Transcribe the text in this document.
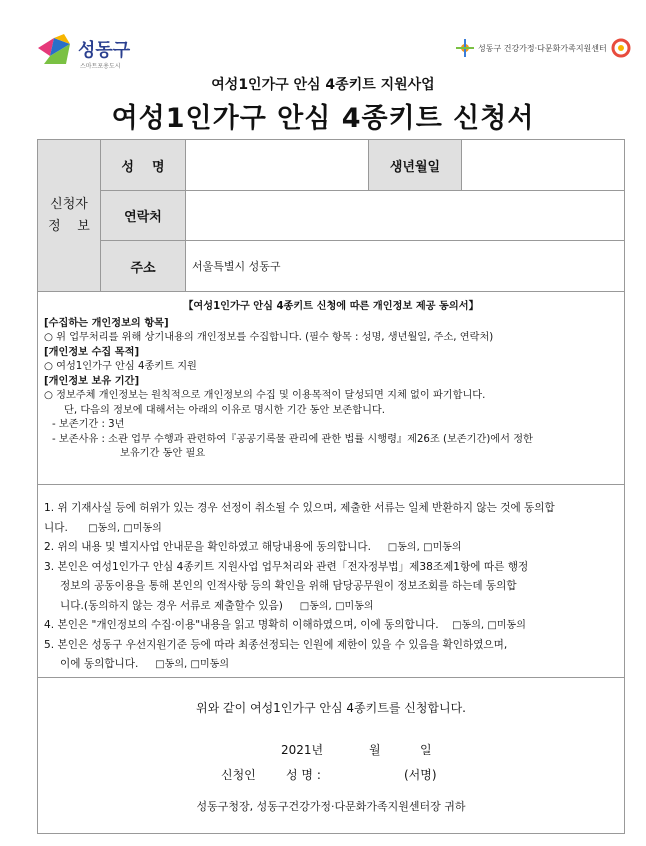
성동구
스마트포용도시
성동구 건강가정·다문화가족지원센터
여성1인가구 안심 4종키트 지원사업
여성1인가구 안심 4종키트 신청서
신청자
정    보	성    명		생년월일	
	연락처			
	주소	서울특별시 성동구		
【여성1인가구 안심 4종키트 신청에 따른 개인정보 제공 동의서】
[수집하는 개인정보의 항목]
○ 위 업무처리를 위해 상기내용의 개인정보를 수집합니다. (필수 항목 : 성명, 생년월일, 주소, 연락처)
[개인정보 수집 목적]
○ 여성1인가구 안심 4종키트 지원
[개인정보 보유 기간]
○ 정보주체 개인정보는 원칙적으로 개인정보의 수집 및 이용목적이 달성되면 지체 없이 파기합니다.
단, 다음의 정보에 대해서는 아래의 이유로 명시한 기간 동안 보존합니다.
- 보존기간 : 3년
- 보존사유 : 소관 업무 수행과 관련하여『공공기록물 관리에 관한 법률 시행령』제26조 (보존기간)에서 정한
보유기간 동안 필요
1. 위 기재사실 등에 허위가 있는 경우 선정이 취소될 수 있으며, 제출한 서류는 일체 반환하지 않는 것에 동의합
니다. □동의, □미동의
2. 위의 내용 및 별지사업 안내문을 확인하였고 해당내용에 동의합니다. □동의, □미동의
3. 본인은 여성1인가구 안심 4종키트 지원사업 업무처리와 관련「전자정부법」제38조제1항에 따른 행정
정보의 공동이용을 통해 본인의 인적사항 등의 확인을 위해 담당공무원이 정보조회를 하는데 동의합
니다.(동의하지 않는 경우 서류로 제출할수 있음) □동의, □미동의
4. 본인은 "개인정보의 수집·이용"내용을 읽고 명확히 이해하였으며, 이에 동의합니다. □동의, □미동의
5. 본인은 성동구 우선지원기준 등에 따라 최종선정되는 인원에 제한이 있을 수 있음을 확인하였으며,
이에 동의합니다. □동의, □미동의
위와 같이 여성1인가구 안심 4종키트를 신청합니다.
2021년	월	일
신청인	성 명 :	(서명)
성동구청장, 성동구건강가정·다문화가족지원센터장 귀하
